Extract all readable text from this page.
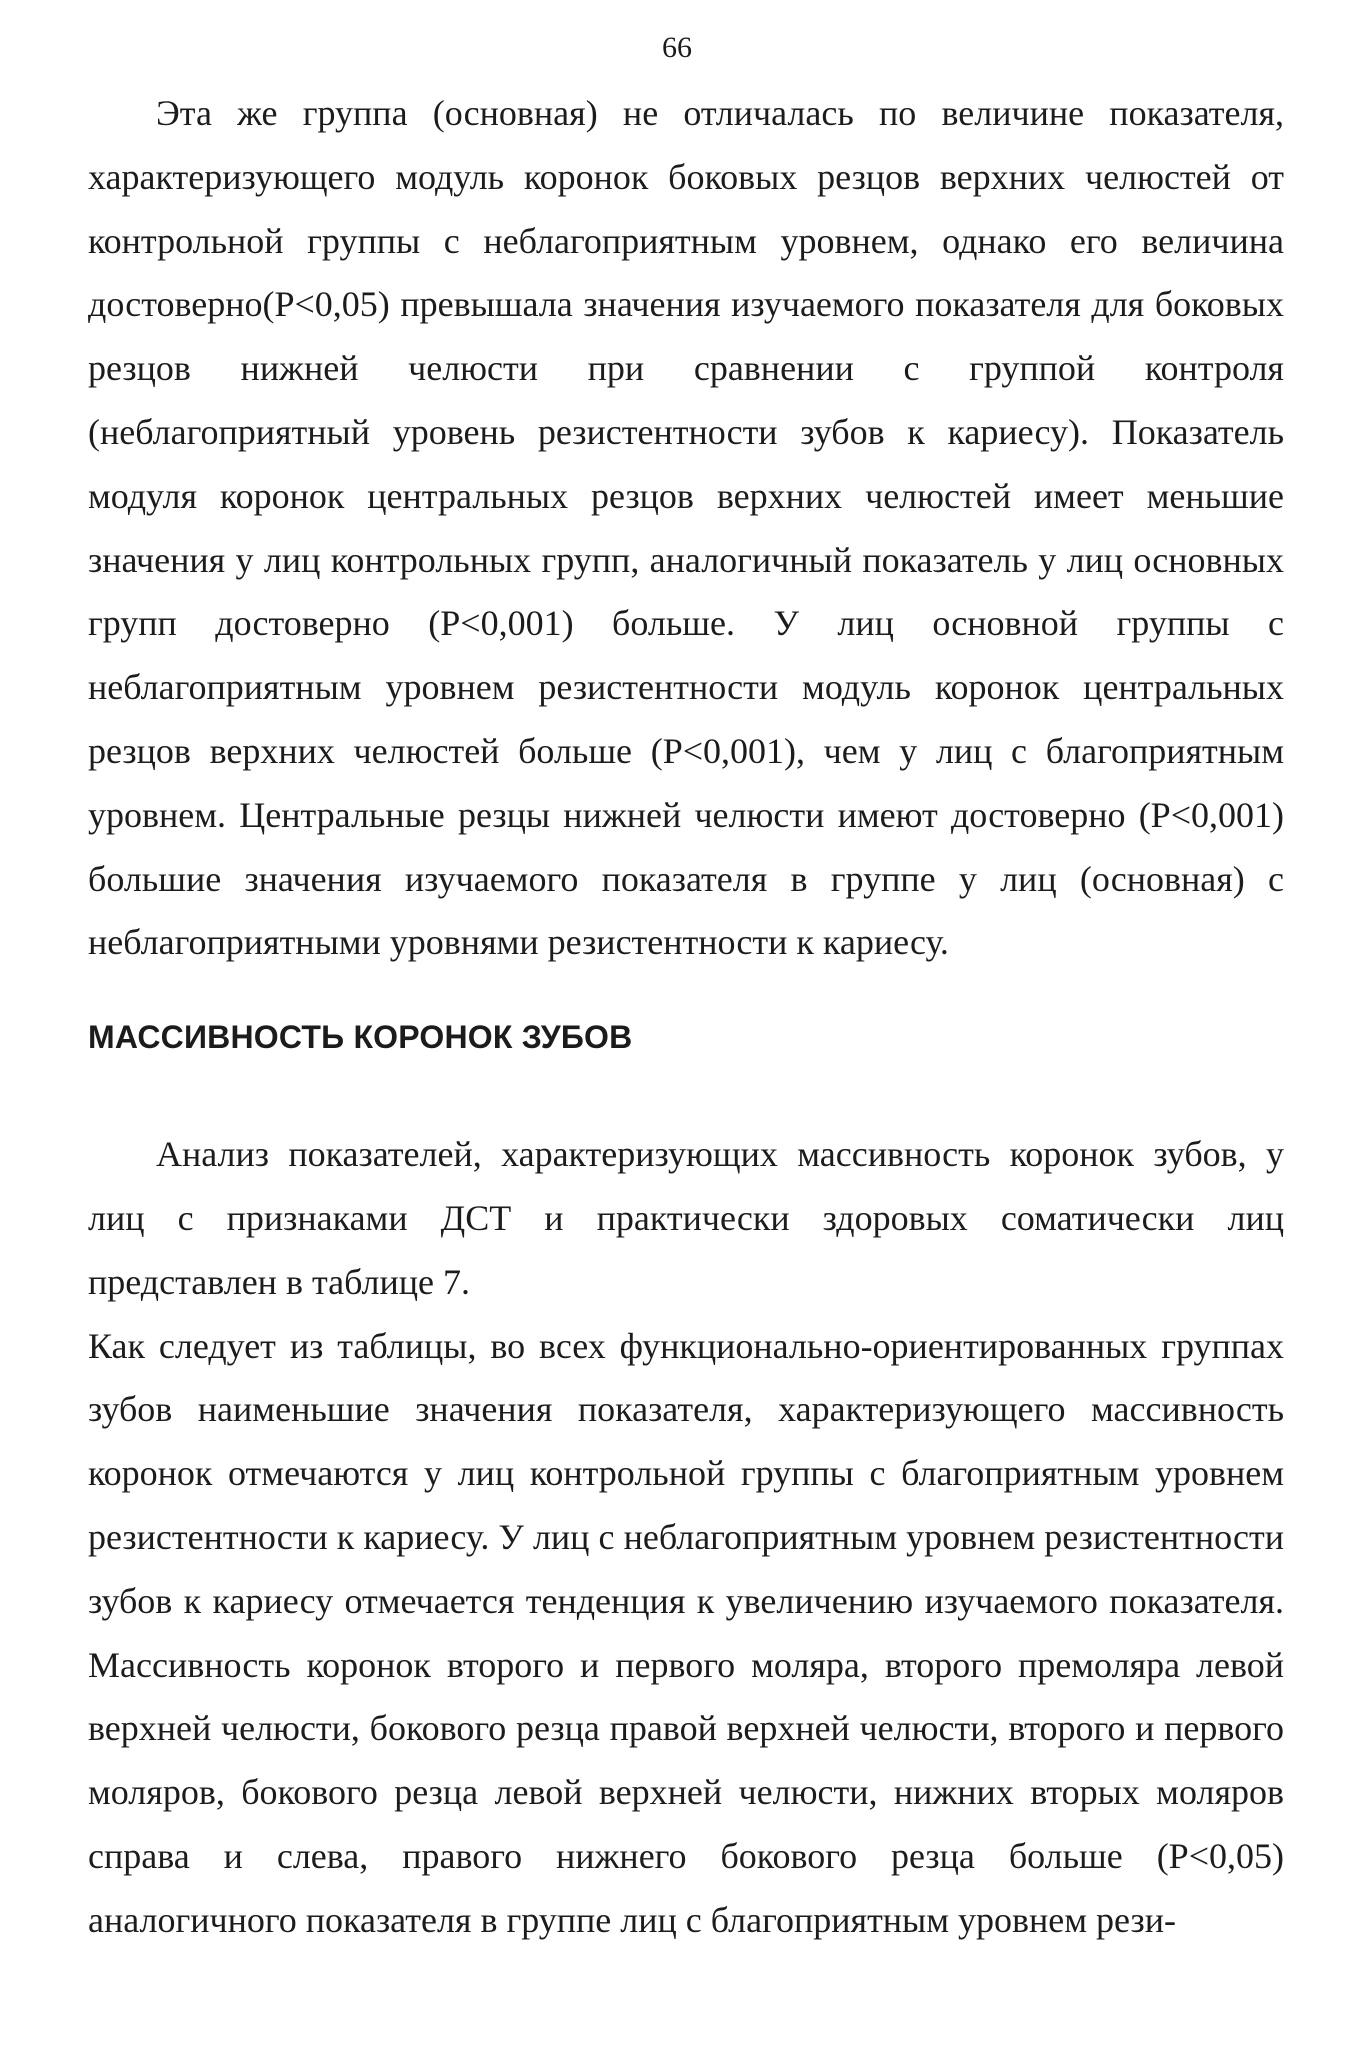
66

Эта же группа (основная) не отличалась по величине показателя, характеризующего модуль коронок боковых резцов верхних челюстей от контрольной группы с неблагоприятным уровнем, однако его величина достоверно(P<0,05) превышала значения изучаемого показателя для боковых резцов нижней челюсти при сравнении с группой контроля (неблагоприятный уровень резистентности зубов к кариесу). Показатель модуля коронок центральных резцов верхних челюстей имеет меньшие значения у лиц контрольных групп, аналогичный показатель у лиц основных групп достоверно (P<0,001) больше. У лиц основной группы с неблагоприятным уровнем резистентности модуль коронок центральных резцов верхних челюстей больше (P<0,001), чем у лиц с благоприятным уровнем. Центральные резцы нижней челюсти имеют достоверно (P<0,001) большие значения изучаемого показателя в группе у лиц (основная) с неблагоприятными уровнями резистентности к кариесу.

МАССИВНОСТЬ КОРОНОК ЗУБОВ

Анализ показателей, характеризующих массивность коронок зубов, у лиц с признаками ДСТ и практически здоровых соматически лиц представлен в таблице 7.

Как следует из таблицы, во всех функционально-ориентированных группах зубов наименьшие значения показателя, характеризующего массивность коронок отмечаются у лиц контрольной группы с благоприятным уровнем резистентности к кариесу. У лиц с неблагоприятным уровнем резистентности зубов к кариесу отмечается тенденция к увеличению изучаемого показателя. Массивность коронок второго и первого моляра, второго премоляра левой верхней челюсти, бокового резца правой верхней челюсти, второго и первого моляров, бокового резца левой верхней челюсти, нижних вторых моляров справа и слева, правого нижнего бокового резца больше (P<0,05) аналогичного показателя в группе лиц с благоприятным уровнем рези-
